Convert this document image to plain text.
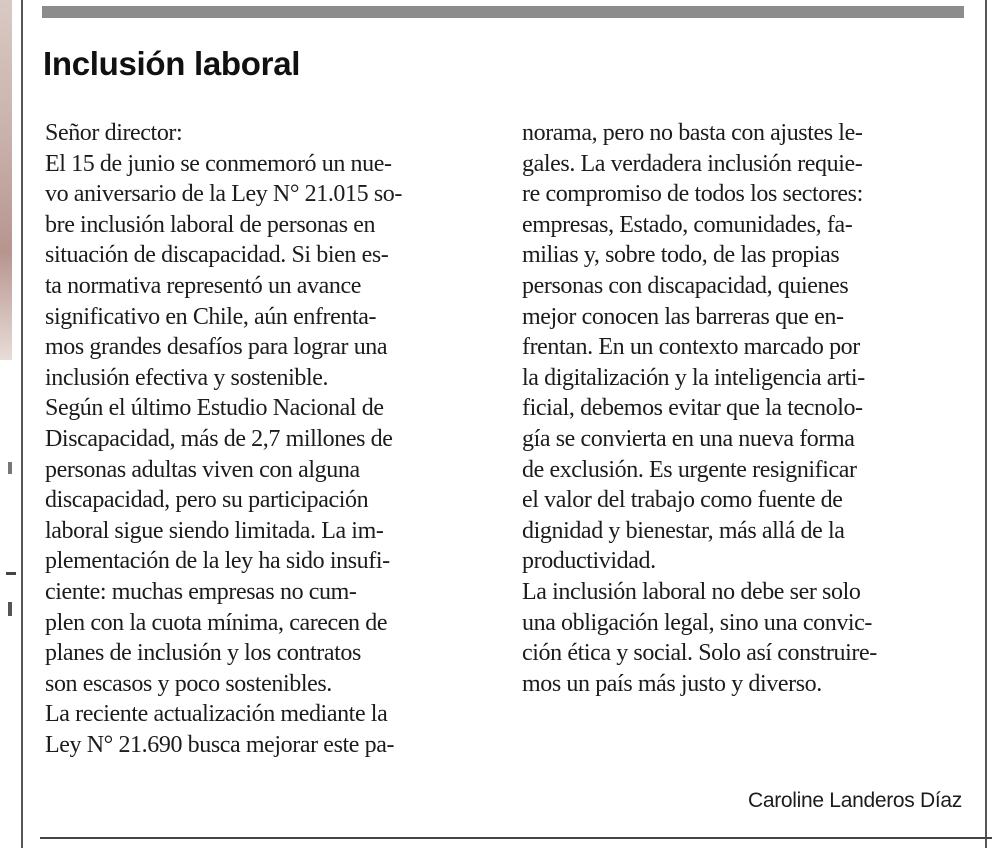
Inclusión laboral
Señor director:
El 15 de junio se conmemoró un nue-
vo aniversario de la Ley N° 21.015 so-
bre inclusión laboral de personas en
situación de discapacidad. Si bien es-
ta normativa representó un avance
significativo en Chile, aún enfrenta-
mos grandes desafíos para lograr una
inclusión efectiva y sostenible.
Según el último Estudio Nacional de
Discapacidad, más de 2,7 millones de
personas adultas viven con alguna
discapacidad, pero su participación
laboral sigue siendo limitada. La im-
plementación de la ley ha sido insufi-
ciente: muchas empresas no cum-
plen con la cuota mínima, carecen de
planes de inclusión y los contratos
son escasos y poco sostenibles.
La reciente actualización mediante la
Ley N° 21.690 busca mejorar este pa-
norama, pero no basta con ajustes le-
gales. La verdadera inclusión requie-
re compromiso de todos los sectores:
empresas, Estado, comunidades, fa-
milias y, sobre todo, de las propias
personas con discapacidad, quienes
mejor conocen las barreras que en-
frentan. En un contexto marcado por
la digitalización y la inteligencia arti-
ficial, debemos evitar que la tecnolo-
gía se convierta en una nueva forma
de exclusión. Es urgente resignificar
el valor del trabajo como fuente de
dignidad y bienestar, más allá de la
productividad.
La inclusión laboral no debe ser solo
una obligación legal, sino una convic-
ción ética y social. Solo así construire-
mos un país más justo y diverso.
Caroline Landeros Díaz
